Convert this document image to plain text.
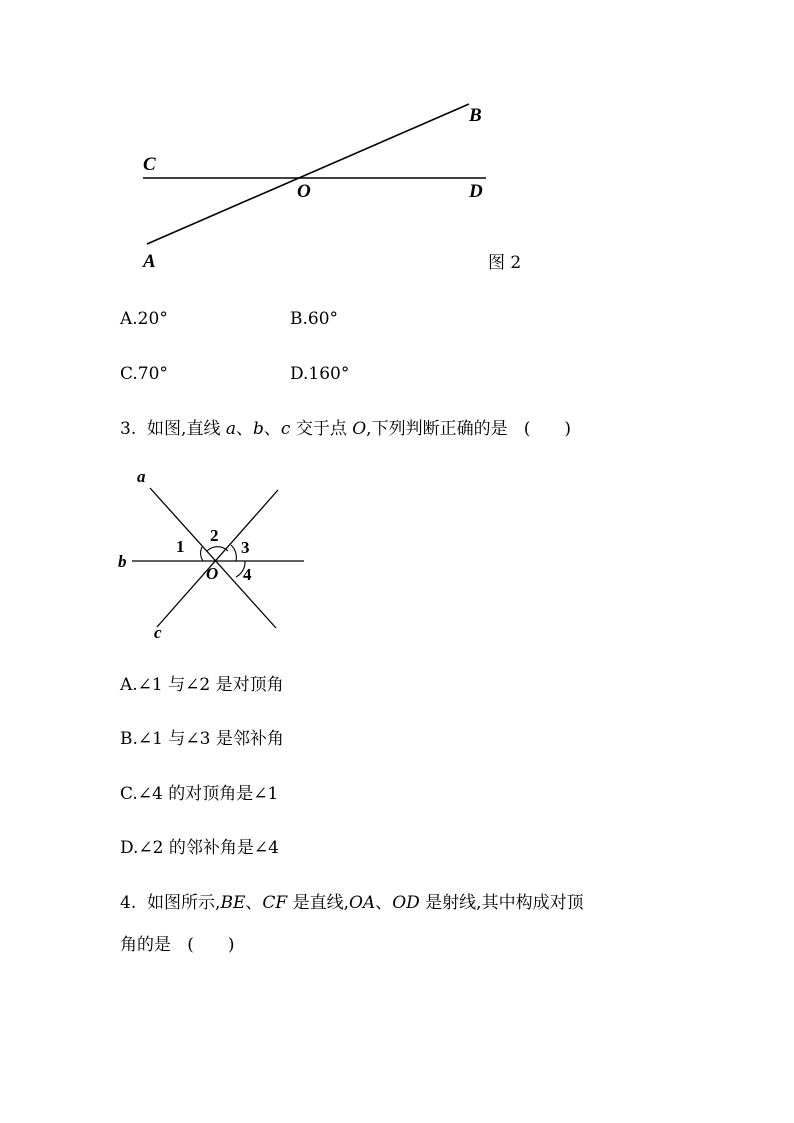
B
C
O	D
A	图 2
A.20°	B.60°
C.70°	D.160°
3. 如图,直线 a、b、c 交于点 O,下列判断正确的是 (　　)
a
b
c
O
1
2
3
4
A.∠1 与∠2 是对顶角
B.∠1 与∠3 是邻补角
C.∠4 的对顶角是∠1
D.∠2 的邻补角是∠4
4. 如图所示,BE、CF 是直线,OA、OD 是射线,其中构成对顶
角的是 (　　)
